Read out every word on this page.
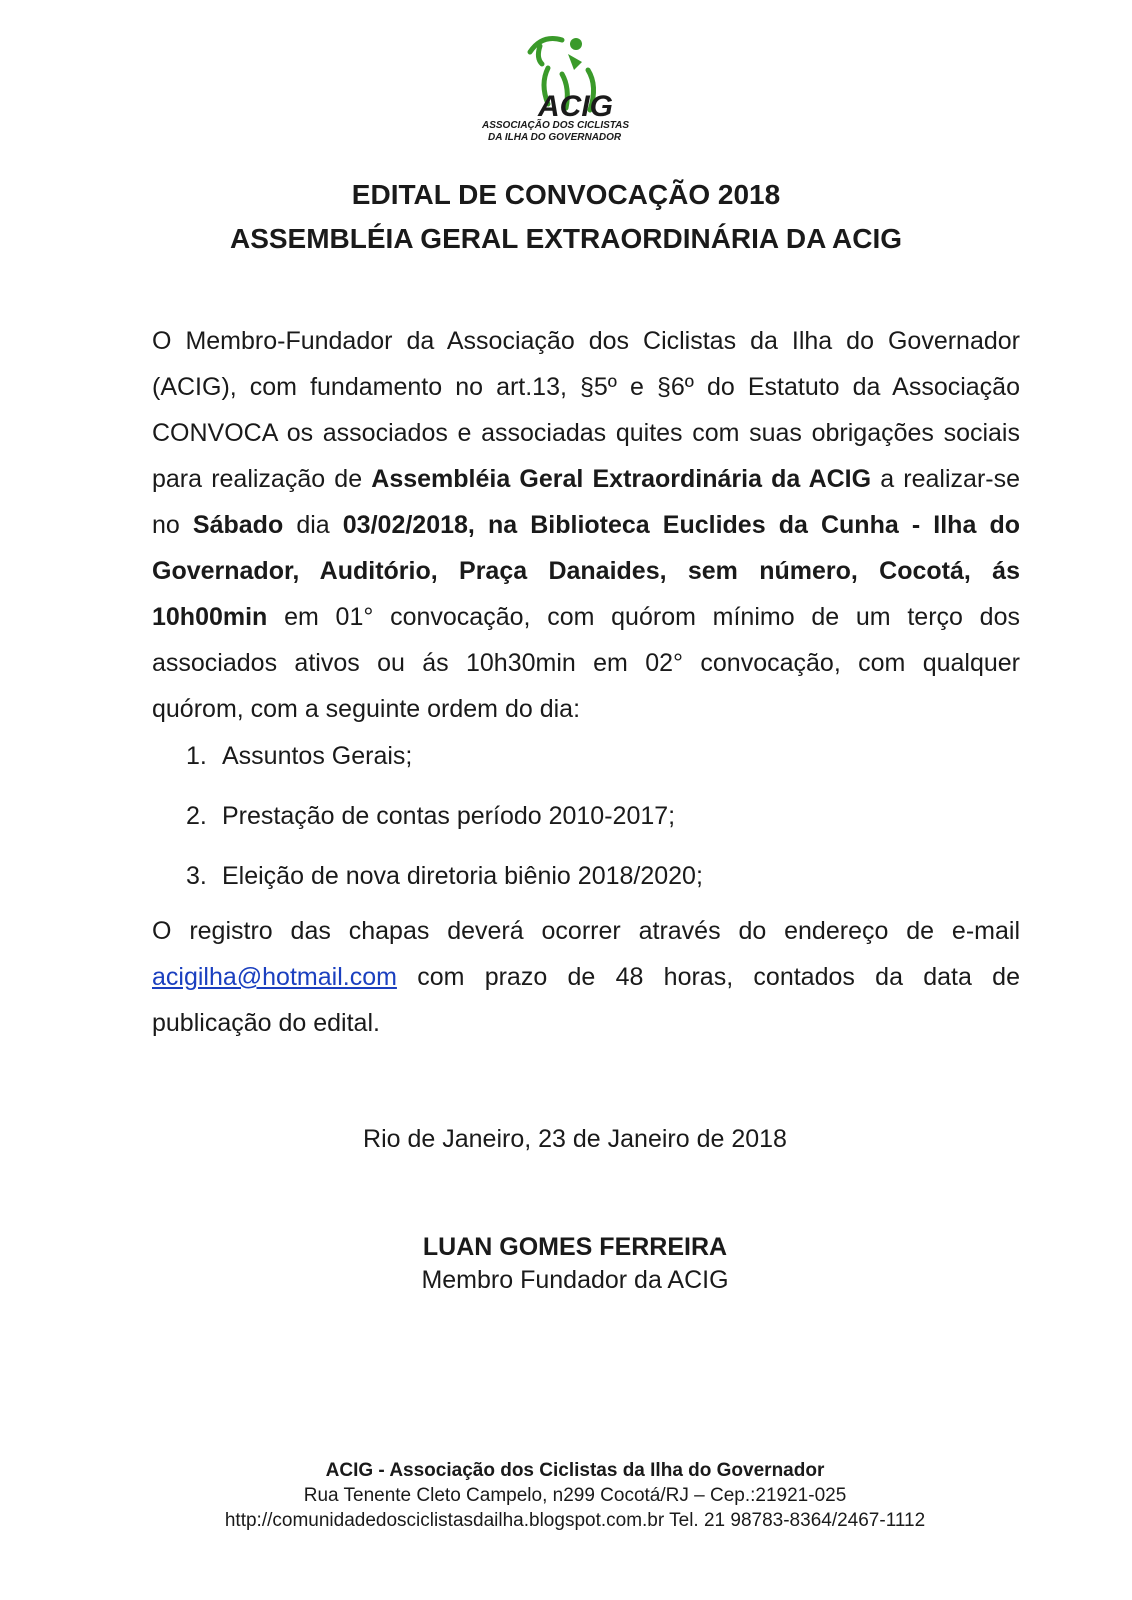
ACIG
ASSOCIAÇÃO DOS CICLISTAS
DA ILHA DO GOVERNADOR
EDITAL DE CONVOCAÇÃO 2018
ASSEMBLÉIA GERAL EXTRAORDINÁRIA DA ACIG

O Membro-Fundador da Associação dos Ciclistas da Ilha do Governador (ACIG), com fundamento no art.13, §5º e §6º do Estatuto da Associação CONVOCA os associados e associadas quites com suas obrigações sociais para realização de Assembléia Geral Extraordinária da ACIG a realizar-se no Sábado dia 03/02/2018, na Biblioteca Euclides da Cunha - Ilha do Governador, Auditório, Praça Danaides, sem número, Cocotá, ás 10h00min em 01° convocação, com quórom mínimo de um terço dos associados ativos ou ás 10h30min em 02° convocação, com qualquer quórom, com a seguinte ordem do dia:

1. Assuntos Gerais;
2. Prestação de contas período 2010-2017;
3. Eleição de nova diretoria biênio 2018/2020;

O registro das chapas deverá ocorrer através do endereço de e-mail acigilha@hotmail.com com prazo de 48 horas, contados da data de publicação do edital.

Rio de Janeiro, 23 de Janeiro de 2018
LUAN GOMES FERREIRA
Membro Fundador da ACIG
ACIG - Associação dos Ciclistas da Ilha do Governador
Rua Tenente Cleto Campelo, n299 Cocotá/RJ – Cep.:21921-025
http://comunidadedosciclistasdailha.blogspot.com.br Tel. 21 98783-8364/2467-1112
